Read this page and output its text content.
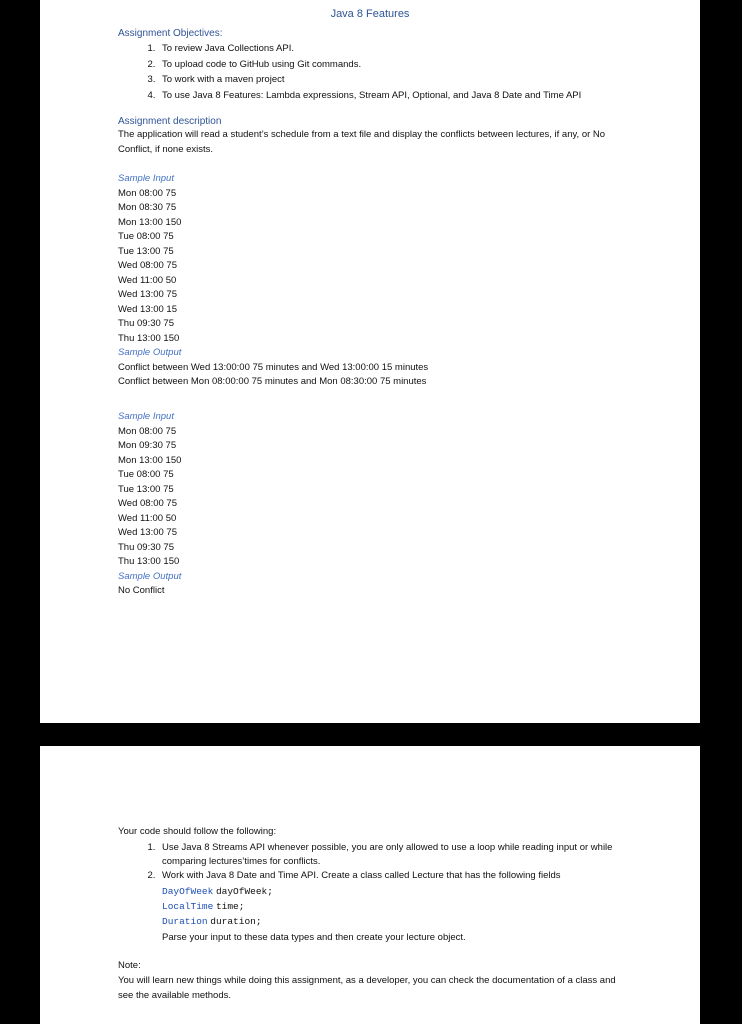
Java 8 Features

Assignment Objectives:

1. To review Java Collections API.
2. To upload code to GitHub using Git commands.
3. To work with a maven project
4. To use Java 8 Features: Lambda expressions, Stream API, Optional, and Java 8 Date and Time API

Assignment description

The application will read a student’s schedule from a text file and display the conflicts between lectures, if any, or No Conflict, if none exists.

Sample Input

Mon 08:00 75

Mon 08:30 75

Mon 13:00 150

Tue 08:00 75

Tue 13:00 75

Wed 08:00 75

Wed 11:00 50

Wed 13:00 75

Wed 13:00 15

Thu 09:30 75

Thu 13:00 150

Sample Output

Conflict between Wed 13:00:00 75 minutes and Wed 13:00:00 15 minutes

Conflict between Mon 08:00:00 75 minutes and Mon 08:30:00 75 minutes

Sample Input

Mon 08:00 75

Mon 09:30 75

Mon 13:00 150

Tue 08:00 75

Tue 13:00 75

Wed 08:00 75

Wed 11:00 50

Wed 13:00 75

Thu 09:30 75

Thu 13:00 150

Sample Output

No Conflict

Your code should follow the following:

1. Use Java 8 Streams API whenever possible, you are only allowed to use a loop while reading input or while comparing lectures’times for conflicts.
2. Work with Java 8 Date and Time API. Create a class called Lecture that has the following fields
DayOfWeek dayOfWeek;
LocalTime time;
Duration duration;
Parse your input to these data types and then create your lecture object.

Note:

You will learn new things while doing this assignment, as a developer, you can check the documentation of a class and see the available methods.
